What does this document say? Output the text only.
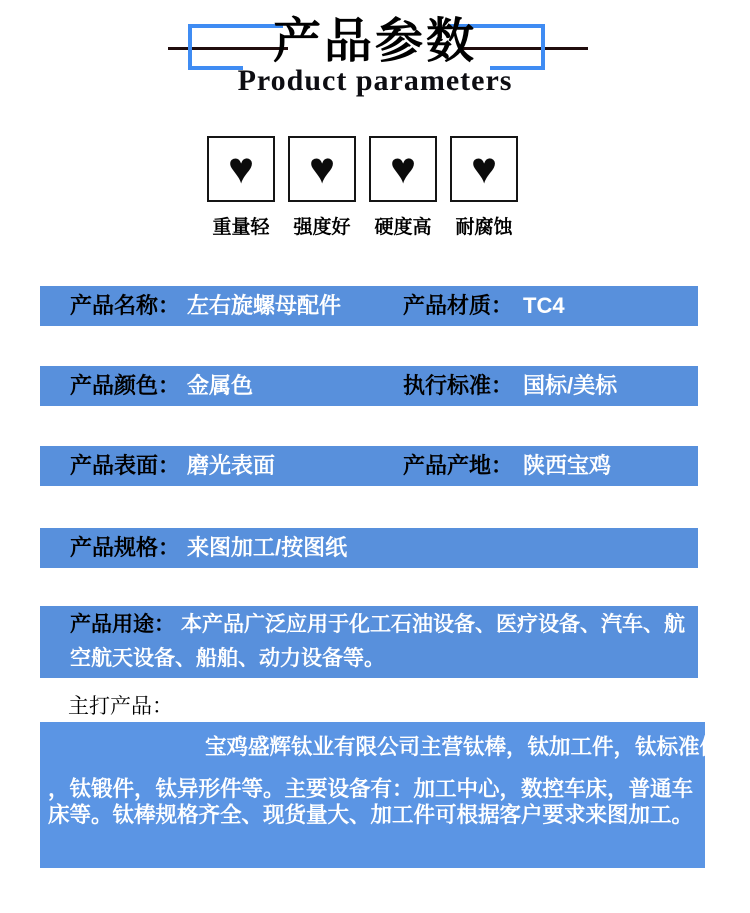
产品参数
Product parameters
♥ ♥ ♥ ♥
重量轻 强度好 硬度高 耐腐蚀
产品名称： 左右旋螺母配件	产品材质： TC4
产品颜色： 金属色	执行标准： 国标/美标
产品表面： 磨光表面	产品产地： 陕西宝鸡
产品规格： 来图加工/按图纸
产品用途： 本产品广泛应用于化工石油设备、医疗设备、汽车、航空航天设备、船舶、动力设备等。
主打产品：

宝鸡盛辉钛业有限公司主营钛棒，钛加工件，钛标准件

，钛锻件，钛异形件等。主要设备有：加工中心，数控车床，普通车床等。钛棒规格齐全、现货量大、加工件可根据客户要求来图加工。
